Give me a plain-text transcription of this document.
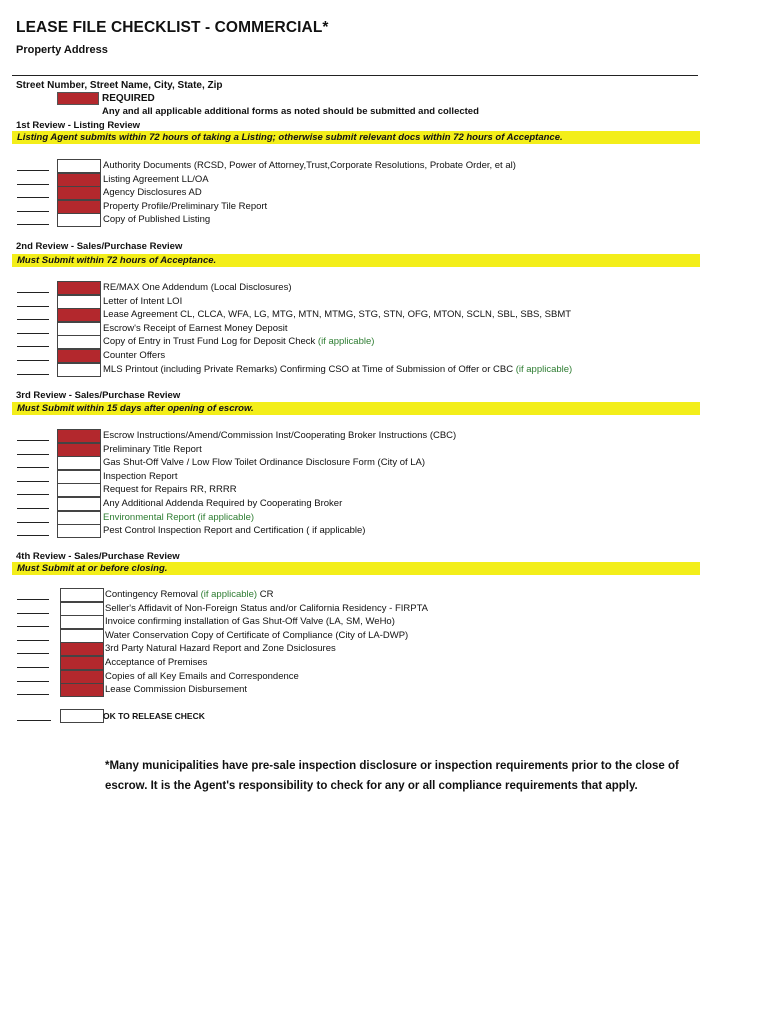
LEASE FILE CHECKLIST - COMMERCIAL*
Property Address
Street Number, Street Name, City, State, Zip
REQUIRED
Any and all applicable additional forms as noted should be submitted and collected
1st Review - Listing Review
Listing Agent submits within 72 hours of taking a Listing; otherwise submit relevant docs within 72 hours of Acceptance.
Authority Documents (RCSD, Power of Attorney,Trust,Corporate Resolutions, Probate Order, et al)
Listing Agreement LL/OA
Agency Disclosures AD
Property Profile/Preliminary Tile Report
Copy of Published Listing
2nd Review - Sales/Purchase Review
Must Submit within 72 hours of Acceptance.
RE/MAX One Addendum (Local Disclosures)
Letter of Intent LOI
Lease Agreement CL, CLCA, WFA, LG, MTG, MTN, MTMG, STG, STN, OFG, MTON, SCLN, SBL, SBS, SBMT
Escrow's Receipt of Earnest Money Deposit
Copy of Entry in Trust Fund Log for Deposit Check (if applicable)
Counter Offers
MLS Printout (including Private Remarks) Confirming CSO at Time of Submission of Offer or CBC (if applicable)
3rd Review - Sales/Purchase Review
Must Submit within 15 days after opening of escrow.
Escrow Instructions/Amend/Commission Inst/Cooperating Broker Instructions (CBC)
Preliminary Title Report
Gas Shut-Off Valve / Low Flow Toilet Ordinance Disclosure Form (City of LA)
Inspection Report
Request for Repairs RR, RRRR
Any Additional Addenda Required by Cooperating Broker
Environmental Report (if applicable)
Pest Control Inspection Report and Certification ( if applicable)
4th Review - Sales/Purchase Review
Must Submit at or before closing.
Contingency Removal (if applicable) CR
Seller's Affidavit of Non-Foreign Status and/or California Residency - FIRPTA
Invoice confirming installation of Gas Shut-Off Valve (LA, SM, WeHo)
Water Conservation Copy of Certificate of Compliance (City of LA-DWP)
3rd Party Natural Hazard Report and Zone Dsiclosures
Acceptance of Premises
Copies of all Key Emails and Correspondence
Lease Commission Disbursement
OK TO RELEASE CHECK
*Many municipalities have pre-sale inspection disclosure or inspection requirements prior to the close of escrow. It is the Agent's responsibility to check for any or all compliance requirements that apply.
